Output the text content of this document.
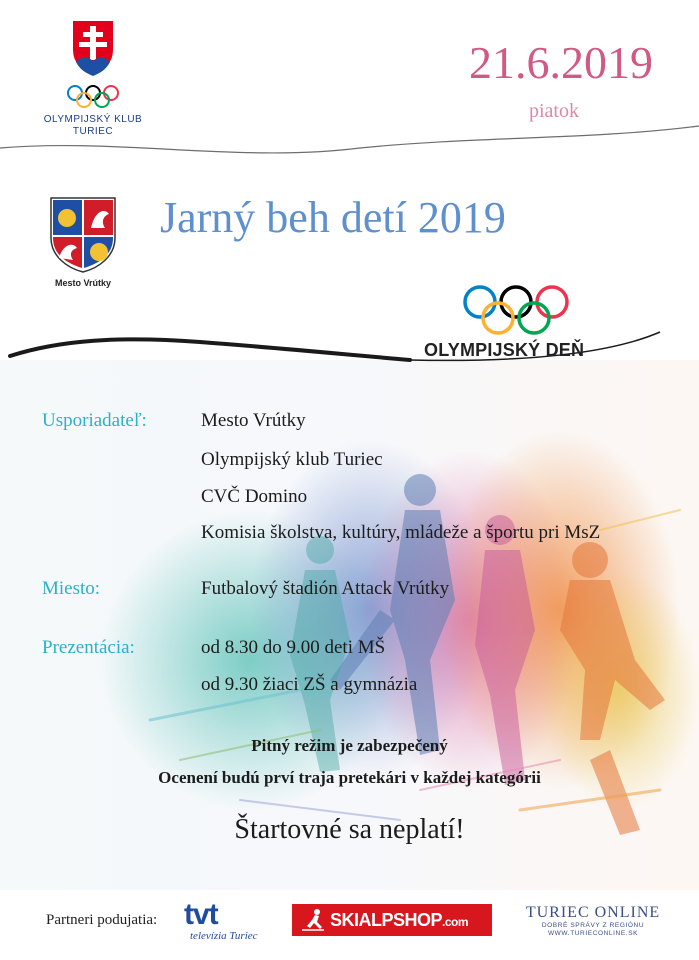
OLYMPIJSKÝ KLUB
TURIEC
21.6.2019
piatok
Mesto Vrútky
Jarný beh detí 2019
OLYMPIJSKÝ DEŇ
Usporiadateľ:	Mesto Vrútky
Olympijský klub Turiec
CVČ Domino
Komisia školstva, kultúry, mládeže a športu pri MsZ
Miesto:	Futbalový štadión Attack Vrútky
Prezentácia:	od 8.30 do 9.00 deti MŠ
od 9.30 žiaci ZŠ a gymnázia
Pitný režim je zabezpečený
Ocenení budú prví traja pretekári v každej kategórii
Štartovné sa neplatí!
Partneri podujatia: tvt
televízia Turiec
SKIALPSHOP.com
TURIEC ONLINE
DOBRÉ SPRÁVY Z REGIÓNU
WWW.TURIECONLINE.SK
